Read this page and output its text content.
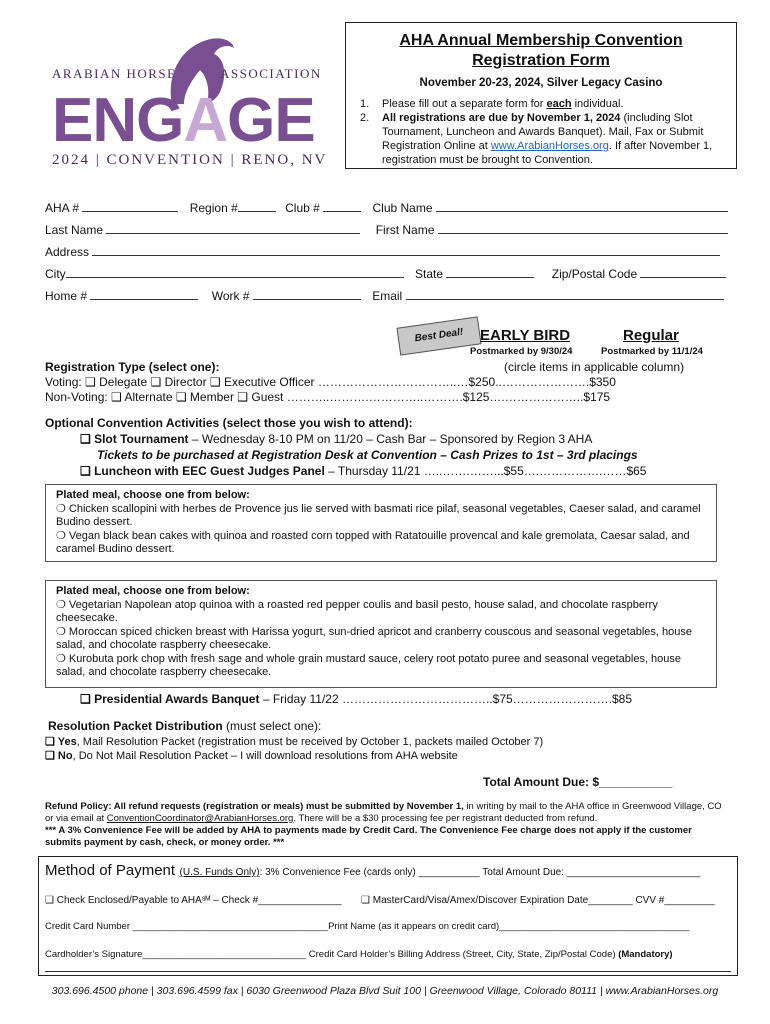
ARABIAN HORSE	ASSOCIATION
ENGAGE
2024 | CONVENTION | RENO, NV
AHA Annual Membership Convention
Registration Form
November 20-23, 2024, Silver Legacy Casino
1.	Please fill out a separate form for each individual.
2.	All registrations are due by November 1, 2024 (including Slot Tournament, Luncheon and Awards Banquet). Mail, Fax or Submit Registration Online at www.ArabianHorses.org. If after November 1, registration must be brought to Convention.
AHA #	Region #	Club #	Club Name
Last Name	First Name
Address
City	State	Zip/Postal Code
Home #	Work #	Email
Best Deal!	EARLY BIRD
Postmarked by 9/30/24
Regular
Postmarked by 11/1/24
(circle items in applicable column)
Registration Type (select one):
Voting: ❑ Delegate ❑ Director ❑ Executive Officer ……………………………..…$250..………………….$350
Non-Voting: ❑ Alternate ❑ Member ❑ Guest ………..……….…………..……….$125….………………..$175
Optional Convention Activities (select those you wish to attend):
❑ Slot Tournament – Wednesday 8-10 PM on 11/20 – Cash Bar – Sponsored by Region 3 AHA
Tickets to be purchased at Registration Desk at Convention – Cash Prizes to 1st – 3rd placings
❑ Luncheon with EEC Guest Judges Panel – Thursday 11/21 …..…….……...$55….…………….……$65
Plated meal, choose one from below:
❍ Chicken scallopini with herbes de Provence jus lie served with basmati rice pilaf, seasonal vegetables, Caeser salad, and caramel Budino dessert.
❍ Vegan black bean cakes with quinoa and roasted corn topped with Ratatouille provencal and kale gremolata, Caesar salad, and caramel Budino dessert.
Plated meal, choose one from below:
❍ Vegetarian Napolean atop quinoa with a roasted red pepper coulis and basil pesto, house salad, and chocolate raspberry cheesecake.
❍ Moroccan spiced chicken breast with Harissa yogurt, sun-dried apricot and cranberry couscous and seasonal vegetables, house salad, and chocolate raspberry cheesecake.
❍ Kurobuta pork chop with fresh sage and whole grain mustard sauce, celery root potato puree and seasonal vegetables, house salad, and chocolate raspberry cheesecake.
❑ Presidential Awards Banquet – Friday 11/22 ………………………………..$75…………………….$85
Resolution Packet Distribution (must select one):
❑ Yes, Mail Resolution Packet (registration must be received by October 1, packets mailed October 7)
❑ No, Do Not Mail Resolution Packet – I will download resolutions from AHA website
Total Amount Due: $___________
Refund Policy: All refund requests (registration or meals) must be submitted by November 1, in writing by mail to the AHA office in Greenwood Village, CO or via email at ConventionCoordinator@ArabianHorses.org. There will be a $30 processing fee per registrant deducted from refund.
*** A 3% Convenience Fee will be added by AHA to payments made by Credit Card. The Convenience Fee charge does not apply if the customer submits payment by cash, check, or money order. ***
Method of Payment (U.S. Funds Only): 3% Convenience Fee (cards only) ___________ Total Amount Due: ________________________
❑ Check Enclosed/Payable to AHAˢᴹ – Check #_______________ ❑ MasterCard/Visa/Amex/Discover Expiration Date________ CVV #_________
Credit Card Number _____________________________________Print Name (as it appears on credit card)____________________________________
Cardholder’s Signature_______________________________ Credit Card Holder’s Billing Address (Street, City, State, Zip/Postal Code) (Mandatory)
303.696.4500 phone | 303.696.4599 fax | 6030 Greenwood Plaza Blvd Suit 100 | Greenwood Village, Colorado 80111 | www.ArabianHorses.org
